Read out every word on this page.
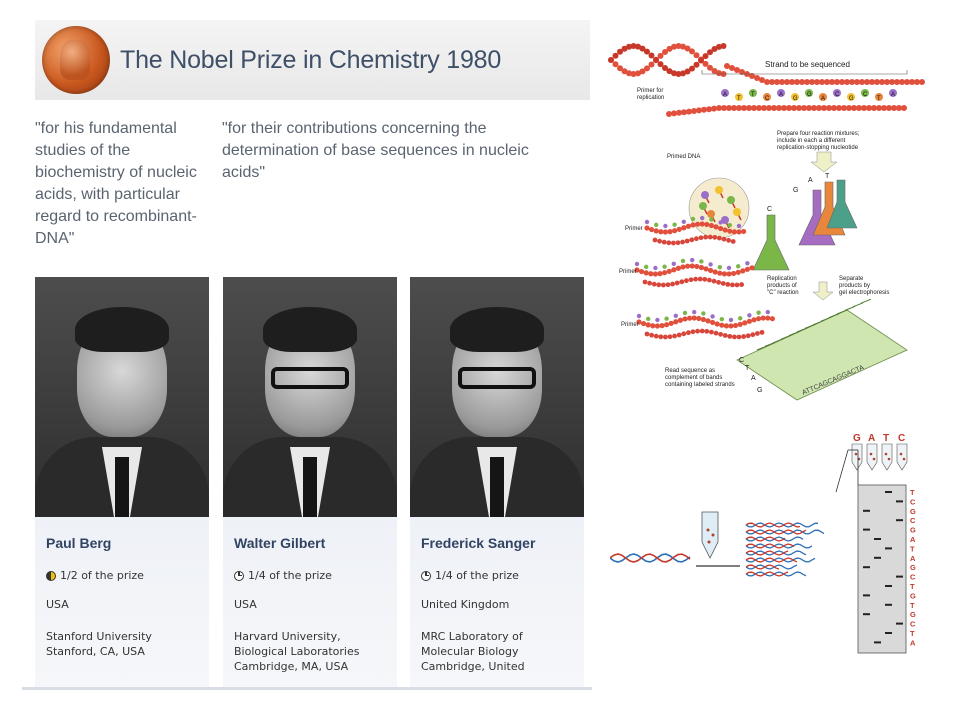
The Nobel Prize in Chemistry 1980
"for his fundamental studies of the biochemistry of nucleic acids, with particular regard to recombinant-DNA"
"for their contributions concerning the determination of base sequences in nucleic acids"
Paul Berg
1/2 of the prize
USA
Stanford University
Stanford, CA, USA
Walter Gilbert
1/4 of the prize
USA
Harvard University,
Biological Laboratories
Cambridge, MA, USA
Frederick Sanger
1/4 of the prize
United Kingdom
MRC Laboratory of
Molecular Biology
Cambridge, United
A
T
T
C
A
G
G
A
C
G
C
T
A
Strand to be sequenced
Primer for
replication
Prepare four reaction mixtures;
include in each a different
replication-stopping nucleotide
Primed DNA
C
G
A
T
Primer
Primer
Primer
Replication
products of
"C" reaction
Separate
products by
gel electrophoresis
C
T
A
G	ATTCAGCAGGACTA
Read sequence as
complement of bands
containing labeled strands
T
C
G
C
G
A
T
A
G
C
T
G
T
G
C
T
A
G A T C
